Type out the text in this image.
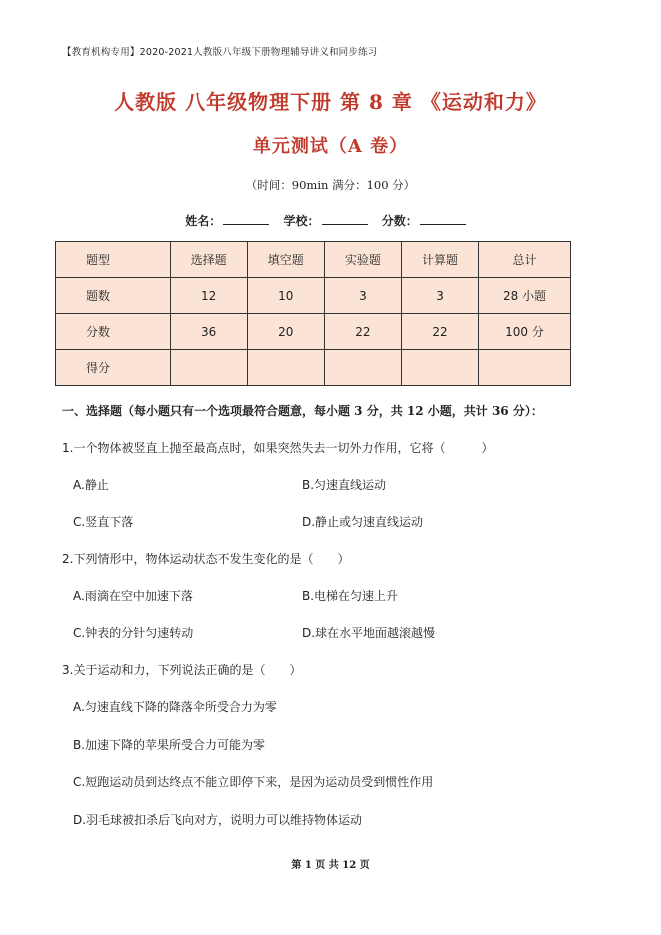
【教育机构专用】2020-2021人教版八年级下册物理辅导讲义和同步练习
人教版 八年级物理下册 第 8 章 《运动和力》
单元测试（A 卷）
（时间：90min 满分：100 分）
姓名：	学校：	分数：
题型	选择题	填空题	实验题	计算题	总计
题数	12	10	3	3	28 小题
分数	36	20	22	22	100 分
得分					
一、选择题（每小题只有一个选项最符合题意，每小题 3 分，共 12 小题，共计 36 分）：
1.一个物体被竖直上抛至最高点时，如果突然失去一切外力作用，它将（　　　）
A.静止	B.匀速直线运动
C.竖直下落	D.静止或匀速直线运动
2.下列情形中，物体运动状态不发生变化的是（　　）
A.雨滴在空中加速下落	B.电梯在匀速上升
C.钟表的分针匀速转动	D.球在水平地面越滚越慢
3.关于运动和力，下列说法正确的是（　　）
A.匀速直线下降的降落伞所受合力为零
B.加速下降的苹果所受合力可能为零
C.短跑运动员到达终点不能立即停下来，是因为运动员受到惯性作用
D.羽毛球被扣杀后飞向对方，说明力可以维持物体运动
第 1 页 共 12 页
